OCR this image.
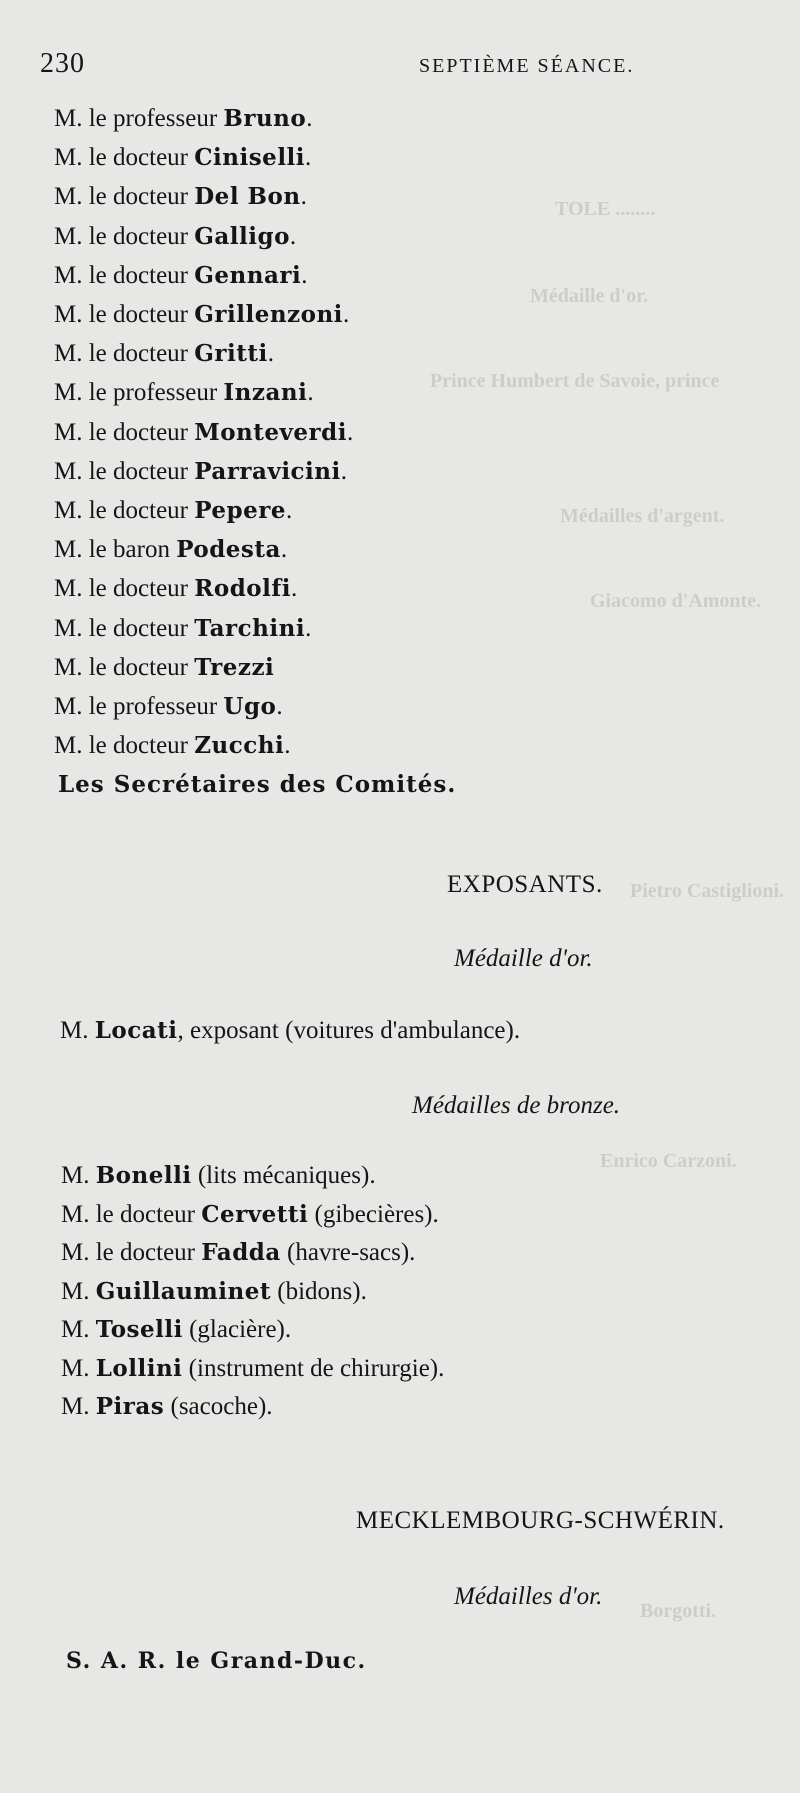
TOLE ........
Médaille d'or.
Prince Humbert de Savoie, prince
Médailles d'argent.
Giacomo d'Amonte.
Pietro Castiglioni.
Enrico Carzoni.
Borgotti.
230	SEPTIÈME SÉANCE.
M. le professeur Bruno.
M. le docteur Ciniselli.
M. le docteur Del Bon.
M. le docteur Galligo.
M. le docteur Gennari.
M. le docteur Grillenzoni.
M. le docteur Gritti.
M. le professeur Inzani.
M. le docteur Monteverdi.
M. le docteur Parravicini.
M. le docteur Pepere.
M. le baron Podesta.
M. le docteur Rodolfi.
M. le docteur Tarchini.
M. le docteur Trezzi
M. le professeur Ugo.
M. le docteur Zucchi.
Les Secrétaires des Comités.
EXPOSANTS.
Médaille d'or.
M. Locati, exposant (voitures d'ambulance).
Médailles de bronze.
M. Bonelli (lits mécaniques).
M. le docteur Cervetti (gibecières).
M. le docteur Fadda (havre-sacs).
M. Guillauminet (bidons).
M. Toselli (glacière).
M. Lollini (instrument de chirurgie).
M. Piras (sacoche).
MECKLEMBOURG-SCHWÉRIN.
Médailles d'or.
S. A. R. le Grand-Duc.
